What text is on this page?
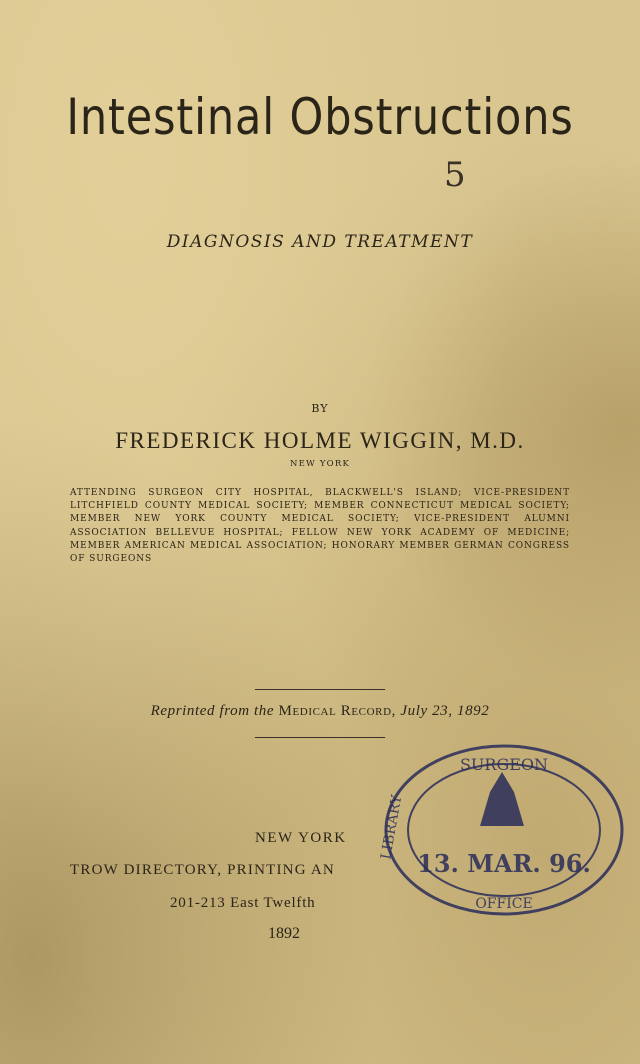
Intestinal Obstructions
5
DIAGNOSIS AND TREATMENT
BY
FREDERICK HOLME WIGGIN, M.D.
NEW YORK
ATTENDING SURGEON CITY HOSPITAL, BLACKWELL'S ISLAND; VICE-PRESIDENT LITCHFIELD COUNTY MEDICAL SOCIETY; MEMBER CONNECTICUT MEDICAL SOCIETY; MEMBER NEW YORK COUNTY MEDICAL SOCIETY; VICE-PRESIDENT ALUMNI ASSOCIATION BELLEVUE HOSPITAL; FELLOW NEW YORK ACADEMY OF MEDICINE; MEMBER AMERICAN MEDICAL ASSOCIATION; HONORARY MEMBER GERMAN CONGRESS OF SURGEONS
Reprinted from the Medical Record, July 23, 1892
NEW YORK
TROW DIRECTORY, PRINTING AN
201-213 East Twelfth
1892
SURGEON
LIBRARY
13. MAR. 96.
OFFICE
